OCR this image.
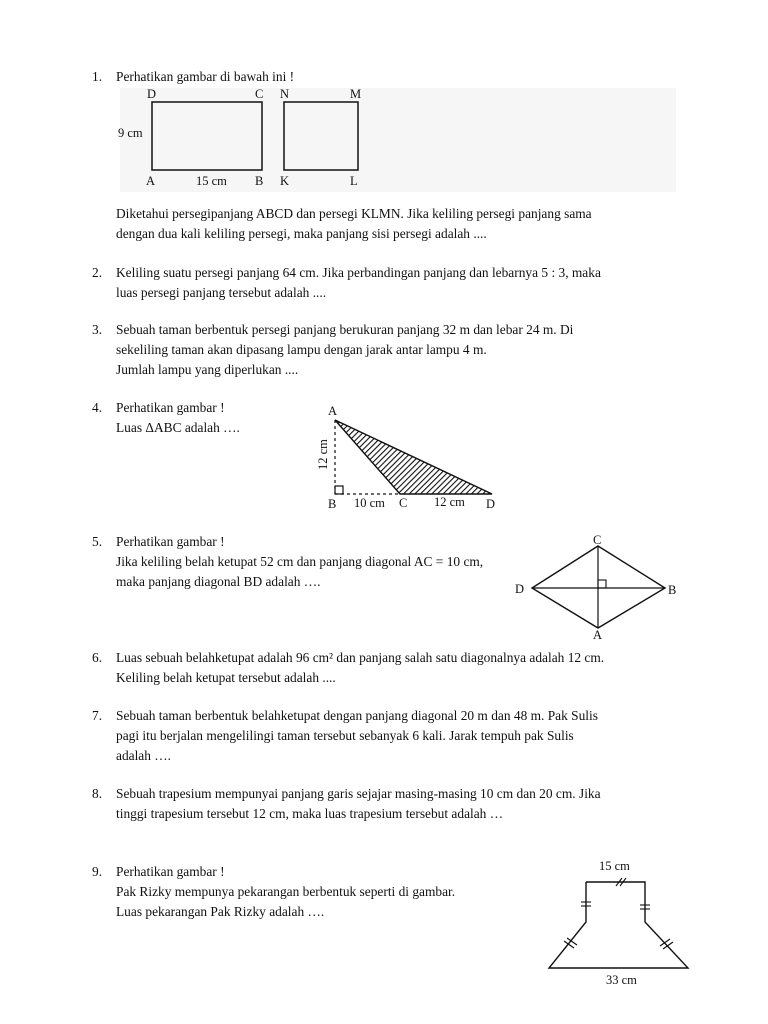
1.	Perhatikan gambar di bawah ini !
D	C N	M
A	B K	L
9 cm
15 cm
Diketahui persegipanjang ABCD dan persegi KLMN. Jika keliling persegi panjang sama
dengan dua kali keliling persegi, maka panjang sisi persegi adalah ....
2.	Keliling suatu persegi panjang 64 cm. Jika perbandingan panjang dan lebarnya 5 : 3, maka
luas persegi panjang tersebut adalah ....
3.	Sebuah taman berbentuk persegi panjang berukuran panjang 32 m dan lebar 24 m. Di
sekeliling taman akan dipasang lampu dengan jarak antar lampu 4 m.
Jumlah lampu yang diperlukan ....
4.	Perhatikan gambar !
Luas ΔABC adalah ….
A
B	C	D
10 cm	12 cm
12 cm
5.	Perhatikan gambar !
Jika keliling belah ketupat 52 cm dan panjang diagonal AC = 10 cm,
maka panjang diagonal BD adalah ….
C
B
D
A
6.	Luas sebuah belahketupat adalah 96 cm² dan panjang salah satu diagonalnya adalah 12 cm.
Keliling belah ketupat tersebut adalah ....
7.	Sebuah taman berbentuk belahketupat dengan panjang diagonal 20 m dan 48 m. Pak Sulis
pagi itu berjalan mengelilingi taman tersebut sebanyak 6 kali. Jarak tempuh pak Sulis
adalah ….
8.	Sebuah trapesium mempunyai panjang garis sejajar masing-masing 10 cm dan 20 cm. Jika
tinggi trapesium tersebut 12 cm, maka luas trapesium tersebut adalah …
9.	Perhatikan gambar !
Pak Rizky mempunya pekarangan berbentuk seperti di gambar.
Luas pekarangan Pak Rizky adalah ….
15 cm
33 cm
